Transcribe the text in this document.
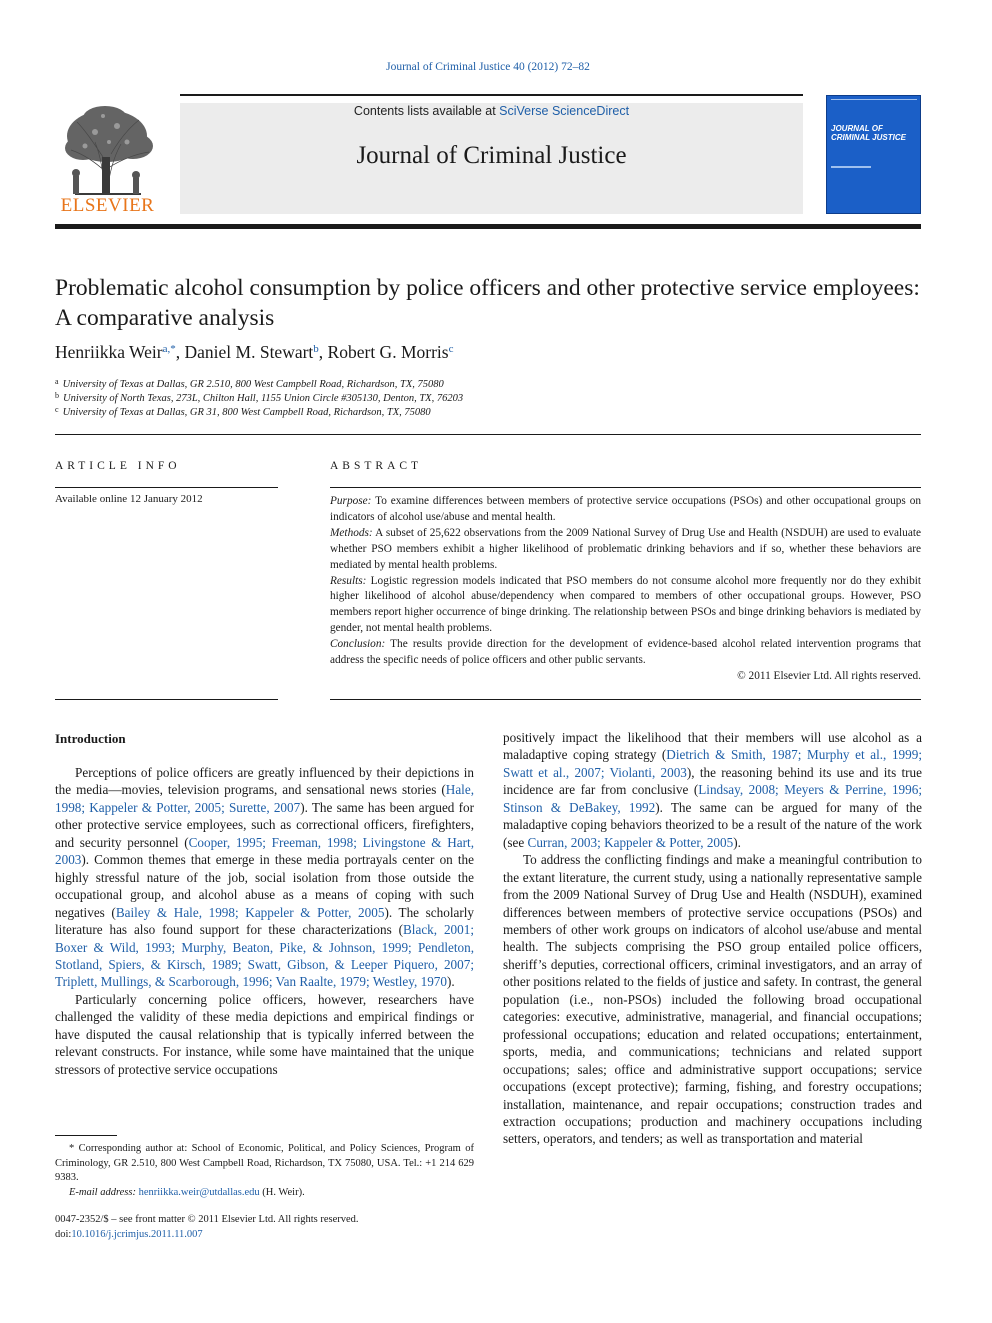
Journal of Criminal Justice 40 (2012) 72–82
ELSEVIER
Contents lists available at SciVerse ScienceDirect
Journal of Criminal Justice
JOURNAL OF CRIMINAL JUSTICE
Problematic alcohol consumption by police officers and other protective service employees: A comparative analysis
Henriikka Weir$^{a,*}$, Daniel M. Stewart$^b$, Robert G. Morris$^c$
$^a$ University of Texas at Dallas, GR 2.510, 800 West Campbell Road, Richardson, TX, 75080
$^b$ University of North Texas, 273L, Chilton Hall, 1155 Union Circle #305130, Denton, TX, 76203
$^c$ University of Texas at Dallas, GR 31, 800 West Campbell Road, Richardson, TX, 75080
ARTICLE INFO	ABSTRACT
Available online 12 January 2012	Purpose: To examine differences between members of protective service occupations (PSOs) and other occupational groups on indicators of alcohol use/abuse and mental health.
Methods: A subset of 25,622 observations from the 2009 National Survey of Drug Use and Health (NSDUH) are used to evaluate whether PSO members exhibit a higher likelihood of problematic drinking behaviors and if so, whether these behaviors are mediated by mental health problems.
Results: Logistic regression models indicated that PSO members do not consume alcohol more frequently nor do they exhibit higher likelihood of alcohol abuse/dependency when compared to members of other occupational groups. However, PSO members report higher occurrence of binge drinking. The relationship between PSOs and binge drinking behaviors is mediated by gender, not mental health problems.
Conclusion: The results provide direction for the development of evidence-based alcohol related intervention programs that address the specific needs of police officers and other public servants.
© 2011 Elsevier Ltd. All rights reserved.
Introduction

Perceptions of police officers are greatly influenced by their depictions in the media—movies, television programs, and sensational news stories (Hale, 1998; Kappeler & Potter, 2005; Surette, 2007). The same has been argued for other protective service employees, such as correctional officers, firefighters, and security personnel (Cooper, 1995; Freeman, 1998; Livingstone & Hart, 2003). Common themes that emerge in these media portrayals center on the highly stressful nature of the job, social isolation from those outside the occupational group, and alcohol abuse as a means of coping with such negatives (Bailey & Hale, 1998; Kappeler & Potter, 2005). The scholarly literature has also found support for these characterizations (Black, 2001; Boxer & Wild, 1993; Murphy, Beaton, Pike, & Johnson, 1999; Pendleton, Stotland, Spiers, & Kirsch, 1989; Swatt, Gibson, & Leeper Piquero, 2007; Triplett, Mullings, & Scarborough, 1996; Van Raalte, 1979; Westley, 1970).

Particularly concerning police officers, however, researchers have challenged the validity of these media depictions and empirical findings or have disputed the causal relationship that is typically inferred between the relevant constructs. For instance, while some have maintained that the unique stressors of protective service occupations

positively impact the likelihood that their members will use alcohol as a maladaptive coping strategy (Dietrich & Smith, 1987; Murphy et al., 1999; Swatt et al., 2007; Violanti, 2003), the reasoning behind its use and its true incidence are far from conclusive (Lindsay, 2008; Meyers & Perrine, 1996; Stinson & DeBakey, 1992). The same can be argued for many of the maladaptive coping behaviors theorized to be a result of the nature of the work (see Curran, 2003; Kappeler & Potter, 2005).

To address the conflicting findings and make a meaningful contribution to the extant literature, the current study, using a nationally representative sample from the 2009 National Survey of Drug Use and Health (NSDUH), examined differences between members of protective service occupations (PSOs) and members of other work groups on indicators of alcohol use/abuse and mental health. The subjects comprising the PSO group entailed police officers, sheriff’s deputies, correctional officers, criminal investigators, and an array of other positions related to the fields of justice and safety. In contrast, the general population (i.e., non-PSOs) included the following broad occupational categories: executive, administrative, managerial, and financial occupations; professional occupations; education and related occupations; entertainment, sports, media, and communications; technicians and related support occupations; sales; office and administrative support occupations; service occupations (except protective); farming, fishing, and forestry occupations; installation, maintenance, and repair occupations; construction trades and extraction occupations; production and machinery occupations including setters, operators, and tenders; as well as transportation and material

* Corresponding author at: School of Economic, Political, and Policy Sciences, Program of Criminology, GR 2.510, 800 West Campbell Road, Richardson, TX 75080, USA. Tel.: +1 214 629 9383.

E-mail address: henriikka.weir@utdallas.edu (H. Weir).

0047-2352/$ – see front matter © 2011 Elsevier Ltd. All rights reserved.
doi:10.1016/j.jcrimjus.2011.11.007
